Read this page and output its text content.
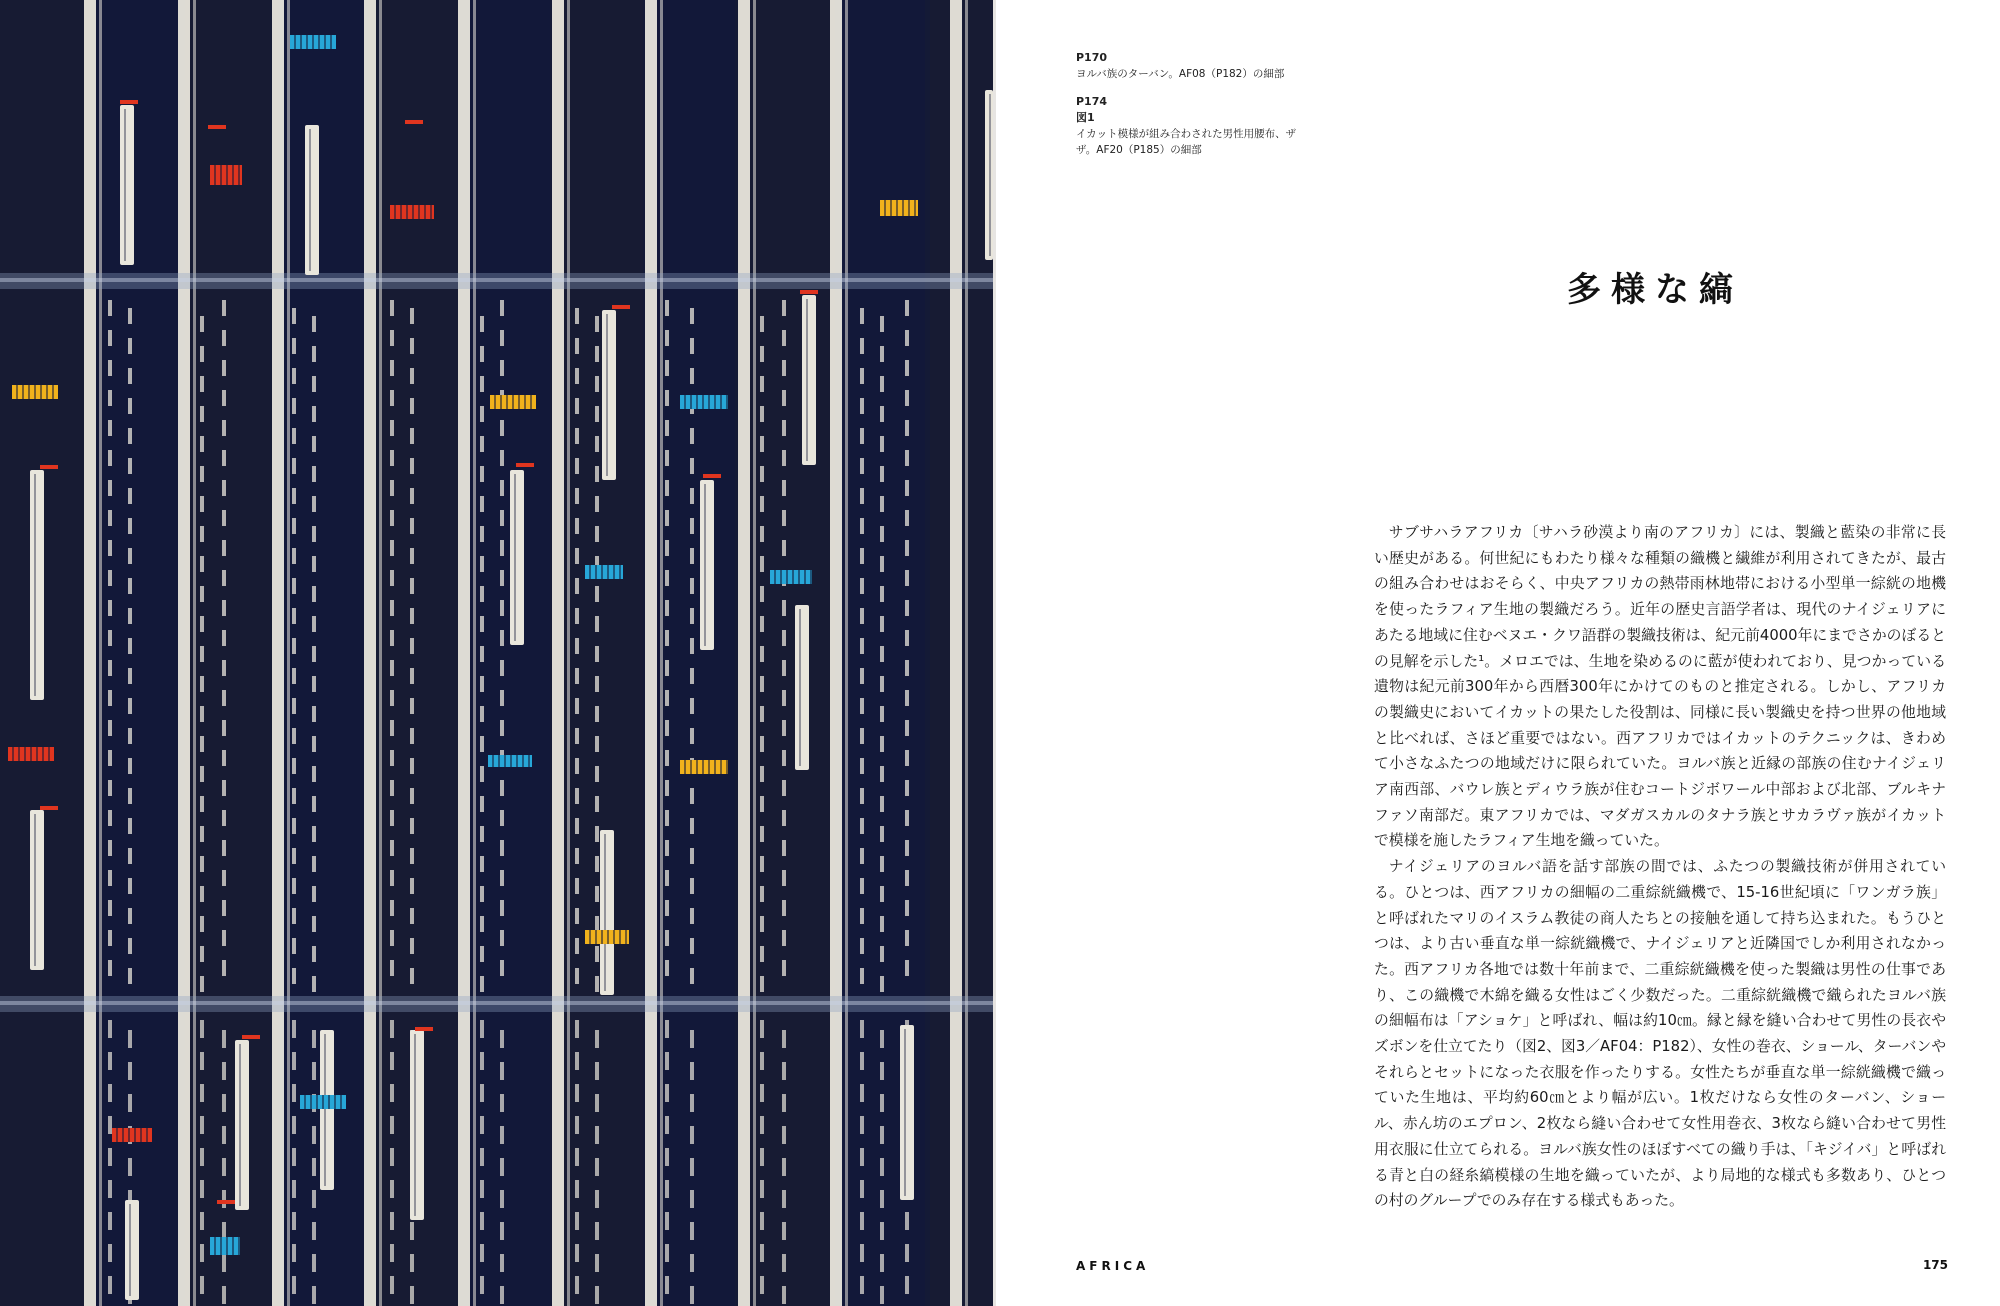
P170
ヨルバ族のターバン。AF08（P182）の細部
P174
図1
イカット模様が組み合わされた男性用腰布、ザザ。AF20（P185）の細部
多様な縞

サブサハラアフリカ〔サハラ砂漠より南のアフリカ〕には、製織と藍染の非常に長い歴史がある。何世紀にもわたり様々な種類の織機と繊維が利用されてきたが、最古の組み合わせはおそらく、中央アフリカの熱帯雨林地帯における小型単一綜絖の地機を使ったラフィア生地の製織だろう。近年の歴史言語学者は、現代のナイジェリアにあたる地域に住むベヌエ・クワ語群の製織技術は、紀元前4000年にまでさかのぼるとの見解を示した¹。メロエでは、生地を染めるのに藍が使われており、見つかっている遺物は紀元前300年から西暦300年にかけてのものと推定される。しかし、アフリカの製織史においてイカットの果たした役割は、同様に長い製織史を持つ世界の他地域と比べれば、さほど重要ではない。西アフリカではイカットのテクニックは、きわめて小さなふたつの地域だけに限られていた。ヨルバ族と近縁の部族の住むナイジェリア南西部、バウレ族とディウラ族が住むコートジボワール中部および北部、ブルキナファソ南部だ。東アフリカでは、マダガスカルのタナラ族とサカラヴァ族がイカットで模様を施したラフィア生地を織っていた。

ナイジェリアのヨルバ語を話す部族の間では、ふたつの製織技術が併用されている。ひとつは、西アフリカの細幅の二重綜絖織機で、15-16世紀頃に「ワンガラ族」と呼ばれたマリのイスラム教徒の商人たちとの接触を通して持ち込まれた。もうひとつは、より古い垂直な単一綜絖織機で、ナイジェリアと近隣国でしか利用されなかった。西アフリカ各地では数十年前まで、二重綜絖織機を使った製織は男性の仕事であり、この織機で木綿を織る女性はごく少数だった。二重綜絖織機で織られたヨルバ族の細幅布は「アショケ」と呼ばれ、幅は約10㎝。縁と縁を縫い合わせて男性の長衣やズボンを仕立てたり（図2、図3／AF04：P182）、女性の巻衣、ショール、ターバンやそれらとセットになった衣服を作ったりする。女性たちが垂直な単一綜絖織機で織っていた生地は、平均約60㎝とより幅が広い。1枚だけなら女性のターバン、ショール、赤ん坊のエプロン、2枚なら縫い合わせて女性用巻衣、3枚なら縫い合わせて男性用衣服に仕立てられる。ヨルバ族女性のほぼすべての織り手は、「キジイバ」と呼ばれる青と白の経糸縞模様の生地を織っていたが、より局地的な様式も多数あり、ひとつの村のグループでのみ存在する様式もあった。

AFRICA	175
